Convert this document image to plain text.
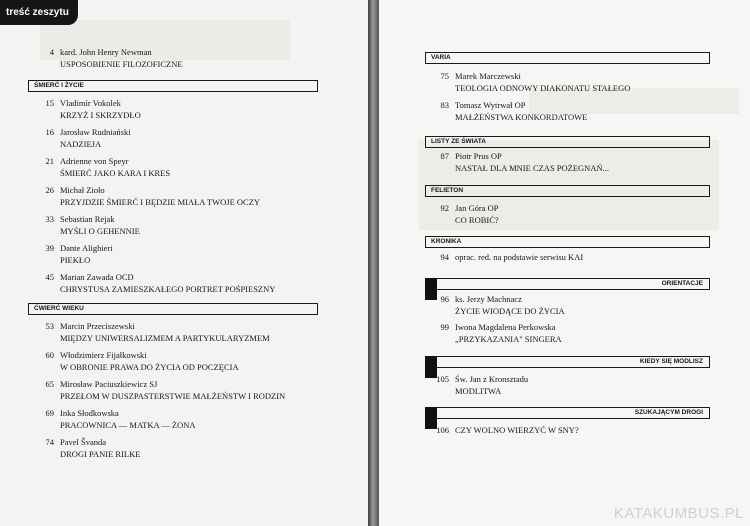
treść zeszytu
4 kard. John Henry Newman
USPOSOBIENIE FILOZOFICZNE
ŚMIERĆ I ŻYCIE
15 Vladimír Vokolek
KRZYŻ I SKRZYDŁO
16 Jarosław Rudniański
NADZIEJA
21 Adrienne von Speyr
ŚMIERĆ JAKO KARA I KRES
26 Michał Zioło
PRZYJDZIE ŚMIERĆ I BĘDZIE MIAŁA TWOJE OCZY
33 Sebastian Rejak
MYŚLI O GEHENNIE
39 Dante Alighieri
PIEKŁO
45 Marian Zawada OCD
CHRYSTUSA ZAMIESZKAŁEGO PORTRET POŚPIESZNY
ĆWIERĆ WIEKU
53 Marcin Przeciszewski
MIĘDZY UNIWERSALIZMEM A PARTYKULARYZMEM
60 Włodzimierz Fijałkowski
W OBRONIE PRAWA DO ŻYCIA OD POCZĘCIA
65 Mirosław Paciuszkiewicz SJ
PRZEŁOM W DUSZPASTERSTWIE MAŁŻEŃSTW I RODZIN
69 Inka Słodkowska
PRACOWNICA — MATKA — ŻONA
74 Pavel Švanda
DROGI PANIE RILKE
VARIA
75 Marek Marczewski
TEOLOGIA ODNOWY DIAKONATU STAŁEGO
83 Tomasz Wytrwał OP
MAŁŻEŃSTWA KONKORDATOWE
LISTY ZE ŚWIATA
87 Piotr Prus OP
NASTAŁ DLA MNIE CZAS POŻEGNAŃ...
FELIETON
92 Jan Góra OP
CO ROBIĆ?
KRONIKA
94 oprac. red. na podstawie serwisu KAI
ORIENTACJE
96 ks. Jerzy Machnacz
ŻYCIE WIODĄCE DO ŻYCIA
99 Iwona Magdalena Perkowska
„PRZYKAZANIA" SINGERA
KIEDY SIĘ MODLISZ
105 Św. Jan z Kronsztadu
MODLITWA
SZUKAJĄCYM DROGI
106 CZY WOLNO WIERZYĆ W SNY?
KATAKUMBUS.PL
